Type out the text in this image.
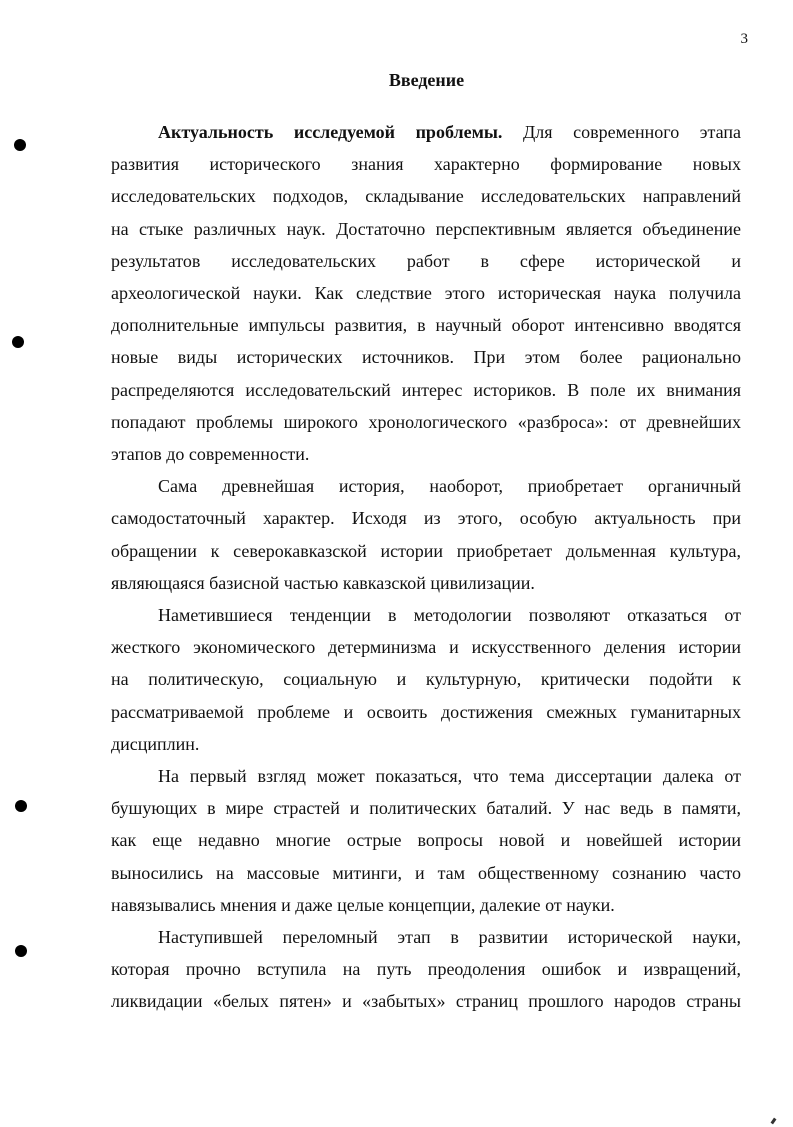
3
Введение

Актуальность исследуемой проблемы. Для современного этапа

развития исторического знания характерно формирование новых

исследовательских подходов, складывание исследовательских направлений

на стыке различных наук. Достаточно перспективным является объединение

результатов исследовательских работ в сфере исторической и

археологической науки. Как следствие этого историческая наука получила

дополнительные импульсы развития, в научный оборот интенсивно вводятся

новые виды исторических источников. При этом более рационально

распределяются исследовательский интерес историков. В поле их внимания

попадают проблемы широкого хронологического «разброса»: от древнейших

этапов до современности.

Сама древнейшая история, наоборот, приобретает органичный

самодостаточный характер. Исходя из этого, особую актуальность при

обращении к северокавказской истории приобретает дольменная культура,

являющаяся базисной частью кавказской цивилизации.

Наметившиеся тенденции в методологии позволяют отказаться от

жесткого экономического детерминизма и искусственного деления истории

на политическую, социальную и культурную, критически подойти к

рассматриваемой проблеме и освоить достижения смежных гуманитарных

дисциплин.

На первый взгляд может показаться, что тема диссертации далека от

бушующих в мире страстей и политических баталий. У нас ведь в памяти,

как еще недавно многие острые вопросы новой и новейшей истории

выносились на массовые митинги, и там общественному сознанию часто

навязывались мнения и даже целые концепции, далекие от науки.

Наступившей переломный этап в развитии исторической науки,

которая прочно вступила на путь преодоления ошибок и извращений,

ликвидации «белых пятен» и «забытых» страниц прошлого народов страны
